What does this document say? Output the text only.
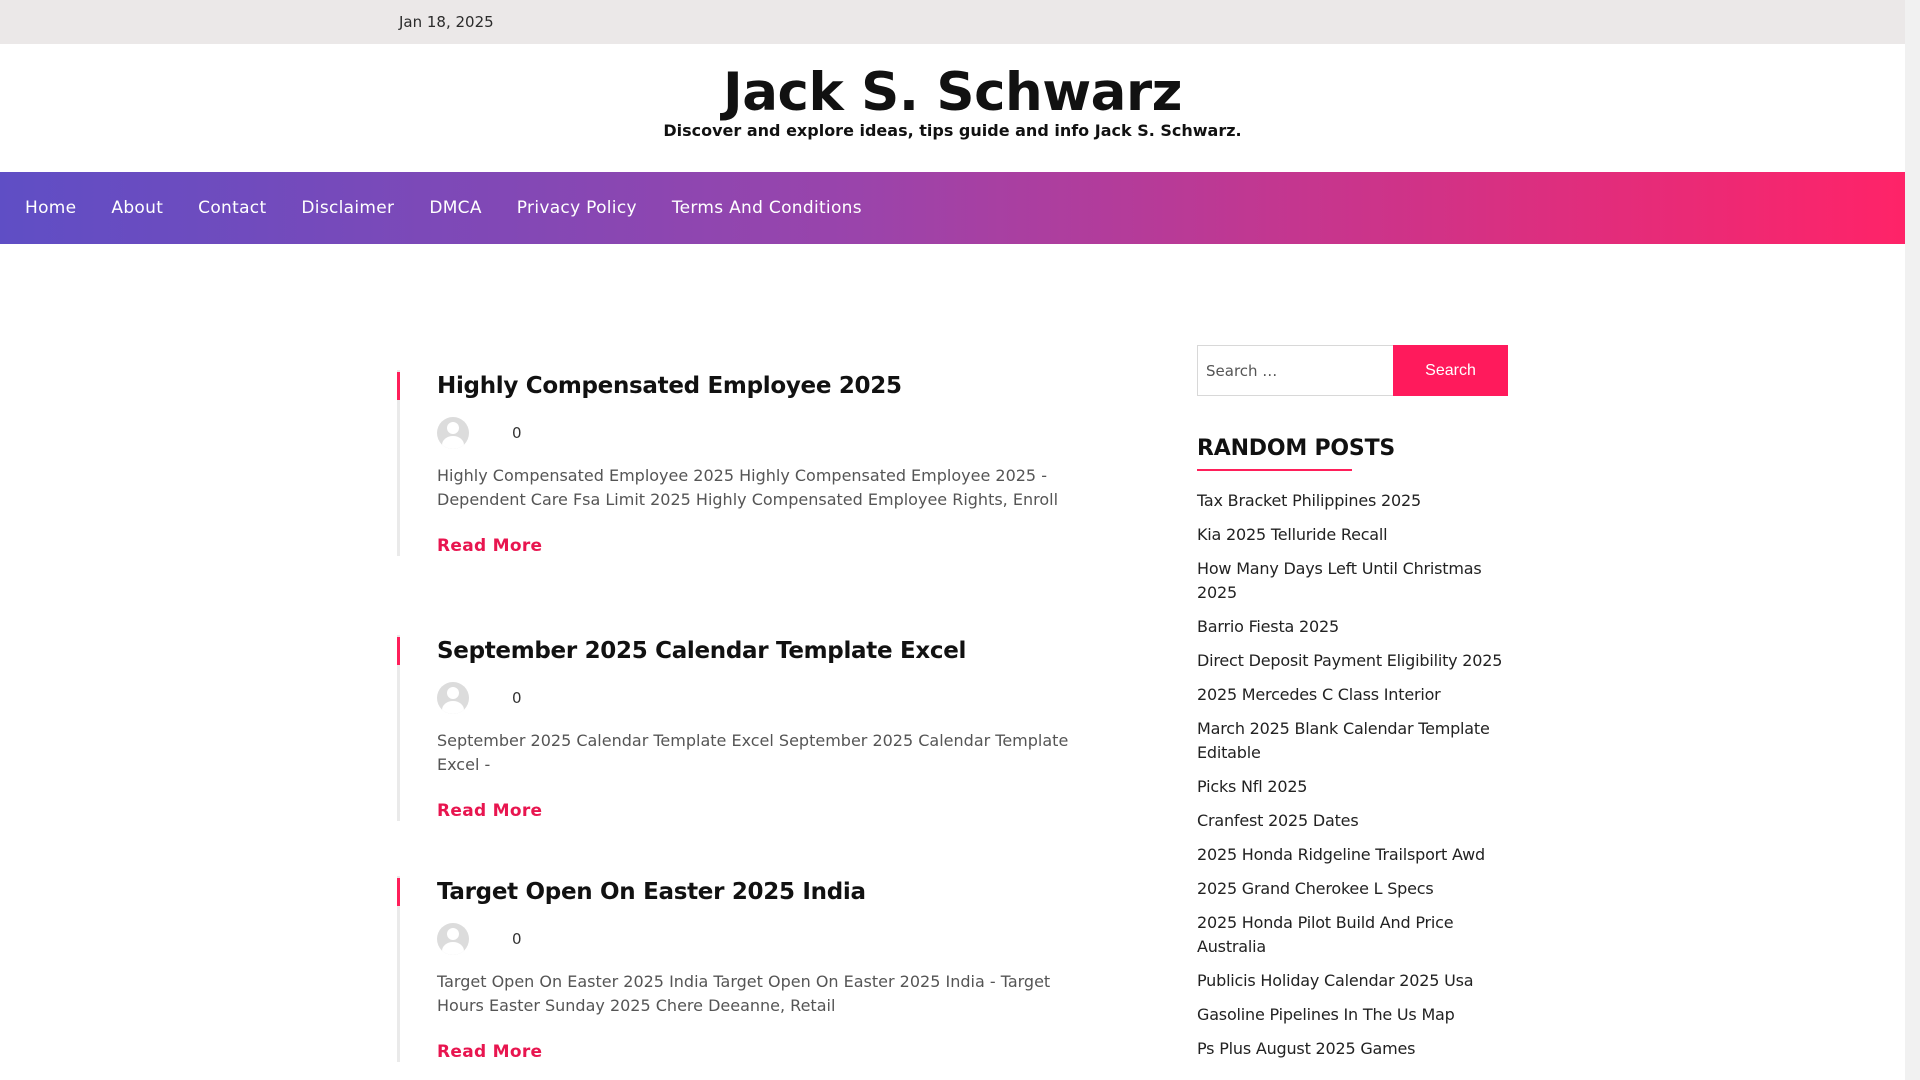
Jan 18, 2025
Jack S. Schwarz
Discover and explore ideas, tips guide and info Jack S. Schwarz.
Home About Contact Disclaimer DMCA Privacy Policy Terms And Conditions
Highly Compensated Employee 2025
0

Highly Compensated Employee 2025 Highly Compensated Employee 2025 - Dependent Care Fsa Limit 2025 Highly Compensated Employee Rights, Enroll

Read More
September 2025 Calendar Template Excel
0

September 2025 Calendar Template Excel September 2025 Calendar Template Excel -

Read More
Target Open On Easter 2025 India
0

Target Open On Easter 2025 India Target Open On Easter 2025 India - Target Hours Easter Sunday 2025 Chere Deeanne, Retail

Read More
Search …
Search
RANDOM POSTS
Tax Bracket Philippines 2025
Kia 2025 Telluride Recall
How Many Days Left Until Christmas 2025
Barrio Fiesta 2025
Direct Deposit Payment Eligibility 2025
2025 Mercedes C Class Interior
March 2025 Blank Calendar Template Editable
Picks Nfl 2025
Cranfest 2025 Dates
2025 Honda Ridgeline Trailsport Awd
2025 Grand Cherokee L Specs
2025 Honda Pilot Build And Price Australia
Publicis Holiday Calendar 2025 Usa
Gasoline Pipelines In The Us Map
Ps Plus August 2025 Games
